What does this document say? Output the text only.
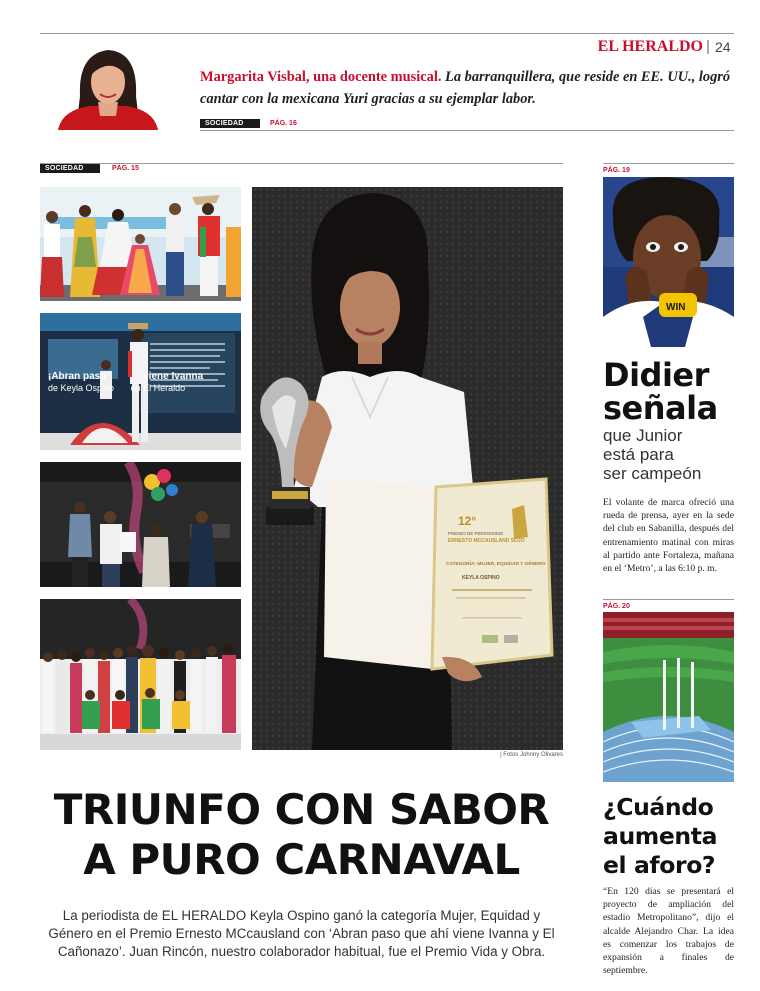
EL HERALDO | 24
Margarita Visbal, una docente musical. La barranquillera, que reside en EE. UU., logró cantar con la mexicana Yuri gracias a su ejemplar labor.
SOCIEDAD	PÁG. 16
SOCIEDAD	PÁG. 15
¡Abran paso	viene Ivanna
de Keyla Ospino en El Heraldo
12°
PREMIO DE PERIODISMO
ERNESTO MCCAUSLAND SOJO
CATEGORÍA: MUJER, EQUIDAD Y GÉNERO
KEYLA OSPINO
| Fotos Johnny Olivares
TRIUNFO CON SABOR
A PURO CARNAVAL
La periodista de EL HERALDO Keyla Ospino ganó la categoría Mujer, Equidad y Género en el Premio Ernesto MCcausland con ‘Abran paso que ahí viene Ivanna y El Cañonazo’. Juan Rincón, nuestro colaborador habitual, fue el Premio Vida y Obra.
PÁG. 19
WIN
Didier
señala
que Junior
está para
ser campeón
El volante de marca ofreció una rueda de prensa, ayer en la sede del club en Sabanilla, después del entrenamiento matinal con miras al partido ante Fortaleza, mañana en el ‘Metro’, a las 6:10 p. m.
PÁG. 20
¿Cuándo
aumenta
el aforo?
“En 120 días se presentará el proyecto de ampliación del estadio Metropolitano”, dijo el alcalde Alejandro Char. La idea es comenzar los trabajos de expansión a finales de septiembre.
